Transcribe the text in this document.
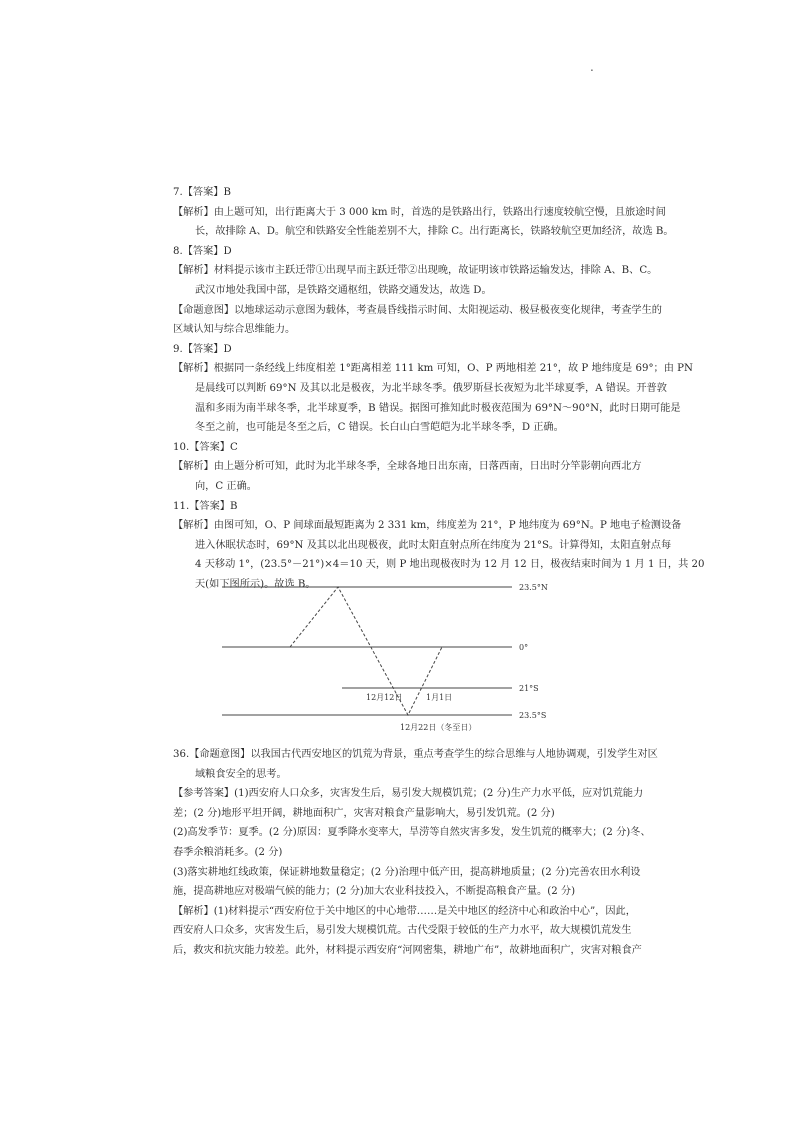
.
7.【答案】B
【解析】由上题可知，出行距离大于 3 000 km 时，首选的是铁路出行，铁路出行速度较航空慢，且旅途时间
长，故排除 A、D。航空和铁路安全性能差别不大，排除 C。出行距离长，铁路较航空更加经济，故选 B。
8.【答案】D
【解析】材料提示该市主跃迁带①出现早而主跃迁带②出现晚，故证明该市铁路运输发达，排除 A、B、C。
武汉市地处我国中部，是铁路交通枢纽，铁路交通发达，故选 D。
【命题意图】以地球运动示意图为载体，考查晨昏线指示时间、太阳视运动、极昼极夜变化规律，考查学生的
区域认知与综合思维能力。
9.【答案】D
【解析】根据同一条经线上纬度相差 1°距离相差 111 km 可知，O、P 两地相差 21°，故 P 地纬度是 69°；由 PN
是晨线可以判断 69°N 及其以北是极夜，为北半球冬季。俄罗斯昼长夜短为北半球夏季，A 错误。开普敦
温和多雨为南半球冬季，北半球夏季，B 错误。据图可推知此时极夜范围为 69°N～90°N，此时日期可能是
冬至之前，也可能是冬至之后，C 错误。长白山白雪皑皑为北半球冬季，D 正确。
10.【答案】C
【解析】由上题分析可知，此时为北半球冬季，全球各地日出东南，日落西南，日出时分竿影朝向西北方
向，C 正确。
11.【答案】B
【解析】由图可知，O、P 间球面最短距离为 2 331 km，纬度差为 21°，P 地纬度为 69°N。P 地电子检测设备
进入休眠状态时，69°N 及其以北出现极夜，此时太阳直射点所在纬度为 21°S。计算得知，太阳直射点每
4 天移动 1°，(23.5°－21°)×4＝10 天，则 P 地出现极夜时为 12 月 12 日，极夜结束时间为 1 月 1 日，共 20
天(如下图所示)。故选 B。	23.5°N
0°
21°S
23.5°S
12月12日	1月1日
12月22日（冬至日）
36.【命题意图】以我国古代西安地区的饥荒为背景，重点考查学生的综合思维与人地协调观，引发学生对区
域粮食安全的思考。
【参考答案】(1)西安府人口众多，灾害发生后，易引发大规模饥荒；(2 分)生产力水平低，应对饥荒能力
差；(2 分)地形平坦开阔，耕地面积广，灾害对粮食产量影响大，易引发饥荒。(2 分)
(2)高发季节：夏季。(2 分)原因：夏季降水变率大，旱涝等自然灾害多发，发生饥荒的概率大；(2 分)冬、
春季余粮消耗多。(2 分)
(3)落实耕地红线政策，保证耕地数量稳定；(2 分)治理中低产田，提高耕地质量；(2 分)完善农田水利设
施，提高耕地应对极端气候的能力；(2 分)加大农业科技投入，不断提高粮食产量。(2 分)
【解析】(1)材料提示“西安府位于关中地区的中心地带……是关中地区的经济中心和政治中心”，因此，
西安府人口众多，灾害发生后，易引发大规模饥荒。古代受限于较低的生产力水平，故大规模饥荒发生
后，救灾和抗灾能力较差。此外，材料提示西安府“河网密集，耕地广布”，故耕地面积广，灾害对粮食产
